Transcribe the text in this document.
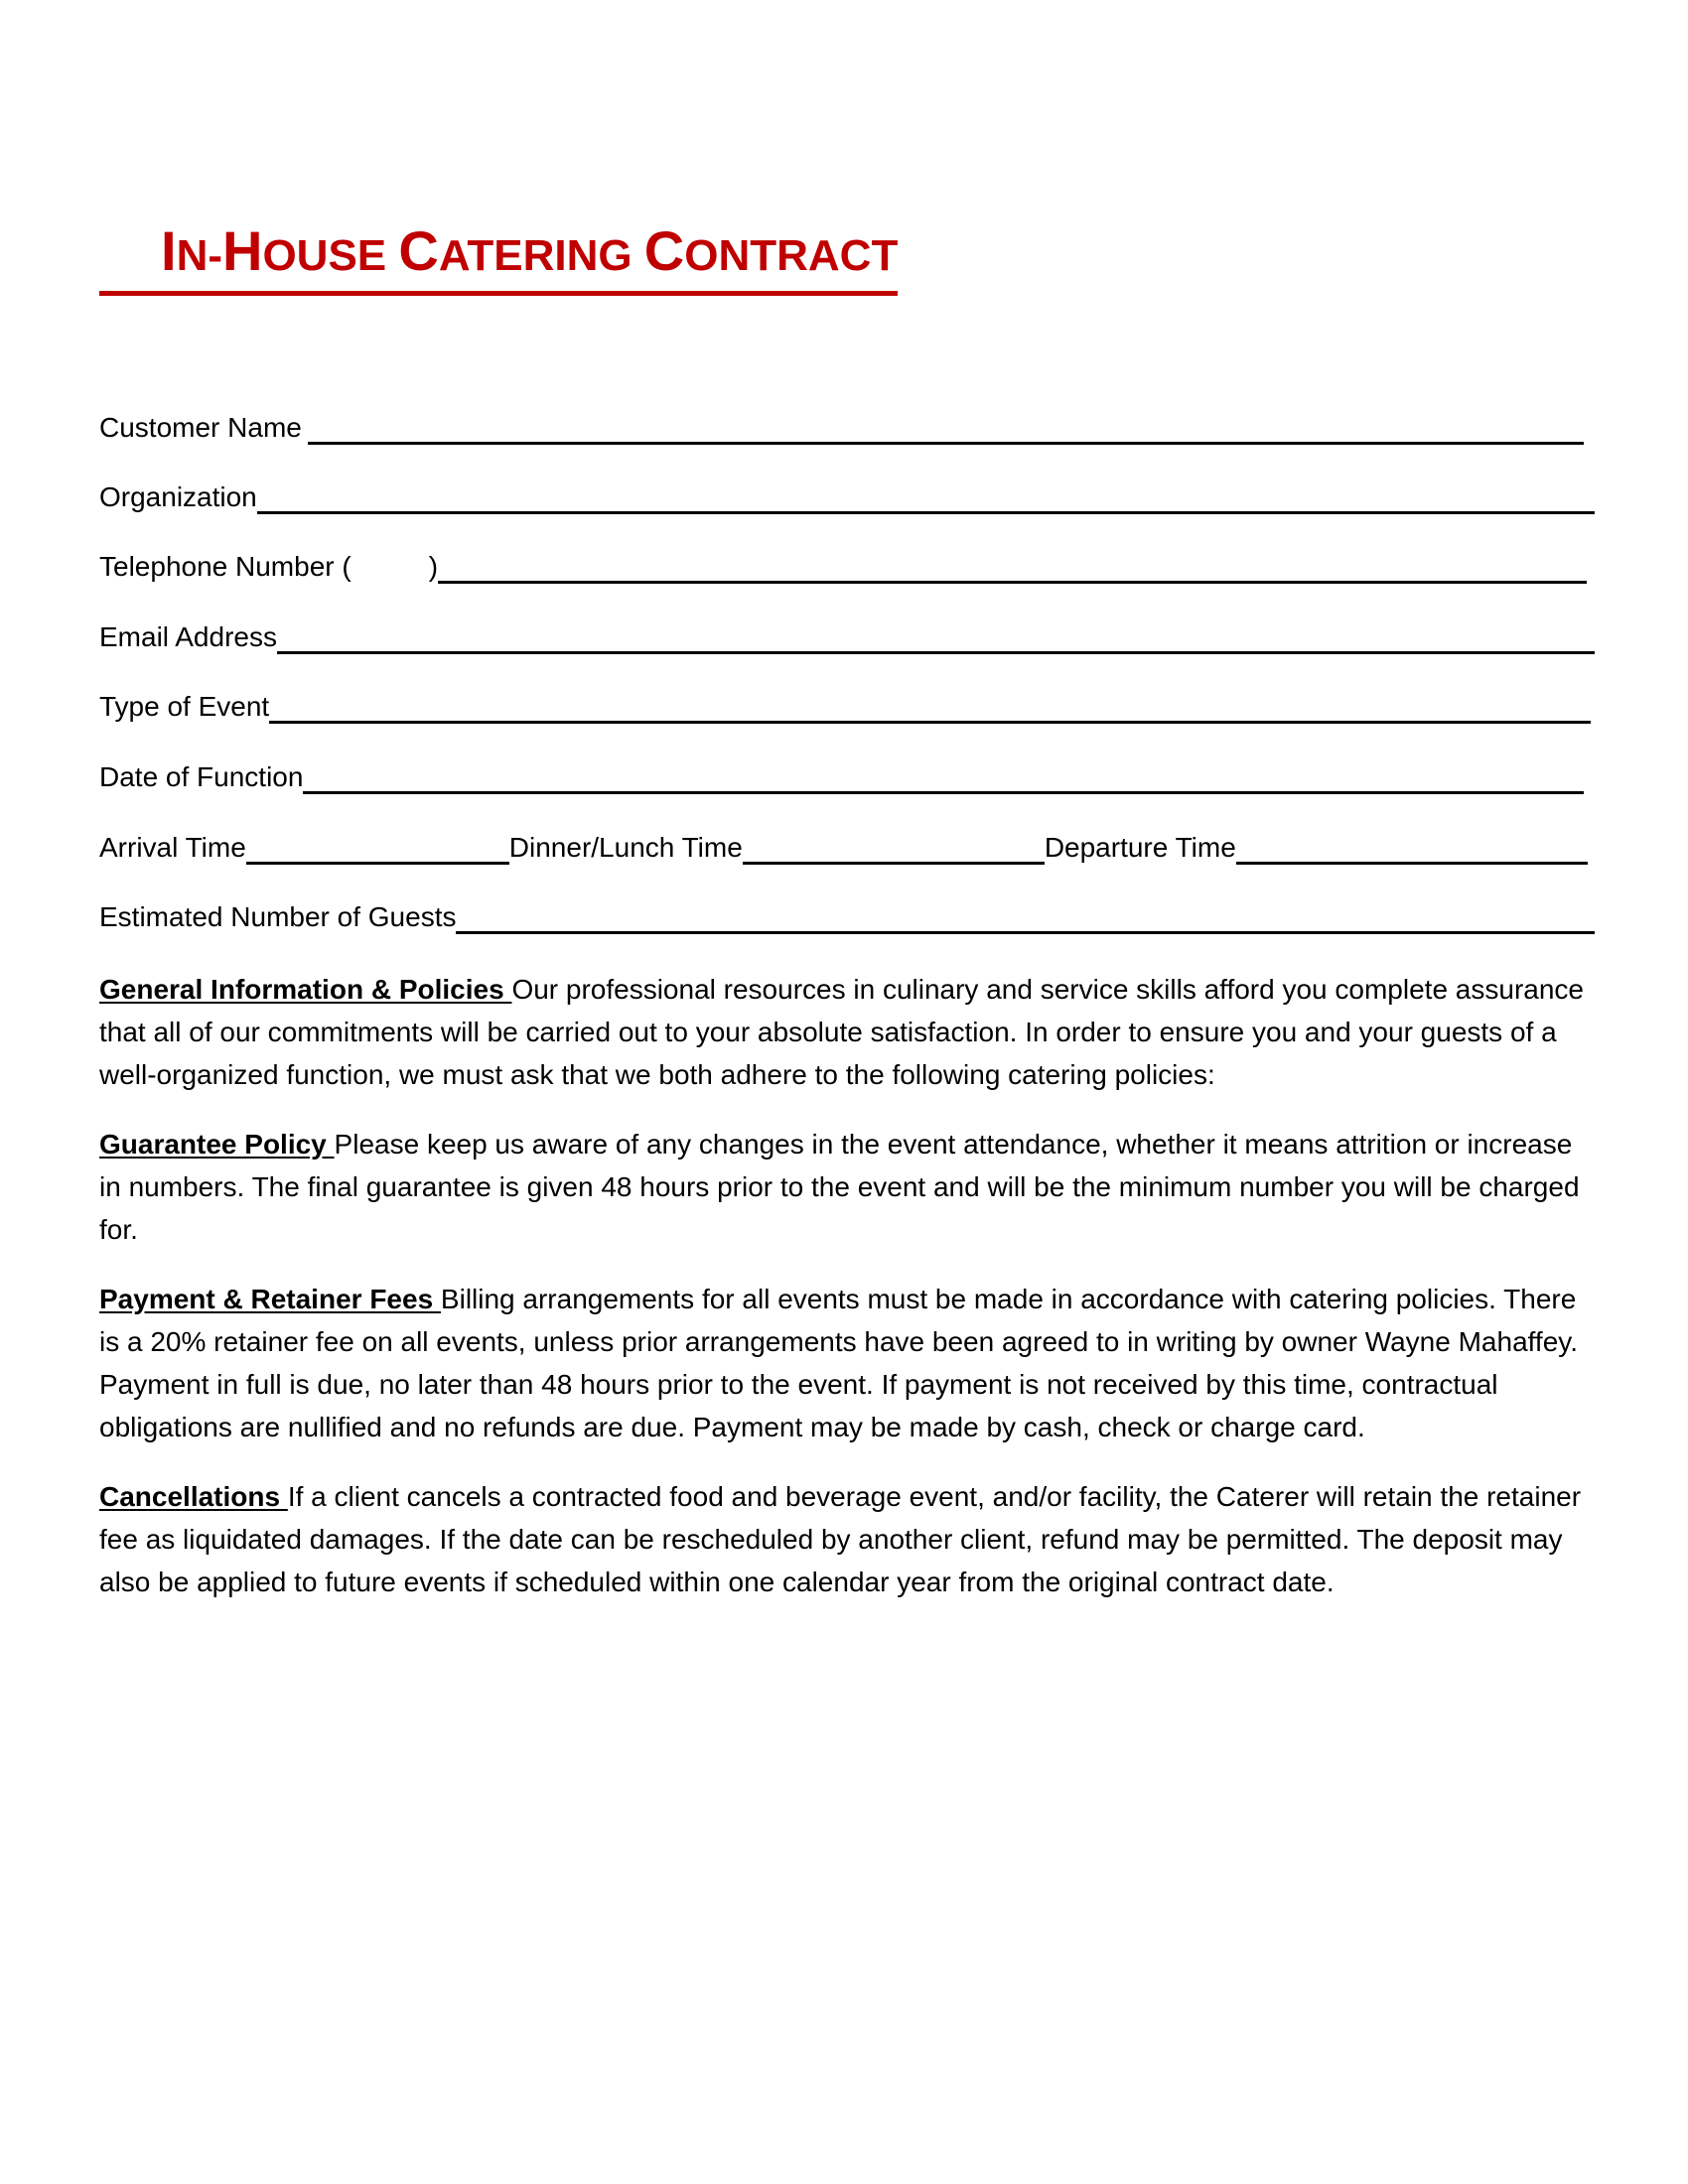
IN-HOUSE CATERING CONTRACT
Customer Name
Organization
Telephone Number (	)
Email Address
Type of Event
Date of Function
Arrival Time	Dinner/Lunch Time	Departure Time
Estimated Number of Guests
General Information & Policies Our professional resources in culinary and service skills afford you complete assurance that all of our commitments will be carried out to your absolute satisfaction. In order to ensure you and your guests of a well-organized function, we must ask that we both adhere to the following catering policies:
Guarantee Policy Please keep us aware of any changes in the event attendance, whether it means attrition or increase in numbers. The final guarantee is given 48 hours prior to the event and will be the minimum number you will be charged for.
Payment & Retainer Fees Billing arrangements for all events must be made in accordance with catering policies. There is a 20% retainer fee on all events, unless prior arrangements have been agreed to in writing by owner Wayne Mahaffey. Payment in full is due, no later than 48 hours prior to the event. If payment is not received by this time, contractual obligations are nullified and no refunds are due. Payment may be made by cash, check or charge card.
Cancellations If a client cancels a contracted food and beverage event, and/or facility, the Caterer will retain the retainer fee as liquidated damages. If the date can be rescheduled by another client, refund may be permitted. The deposit may also be applied to future events if scheduled within one calendar year from the original contract date.
